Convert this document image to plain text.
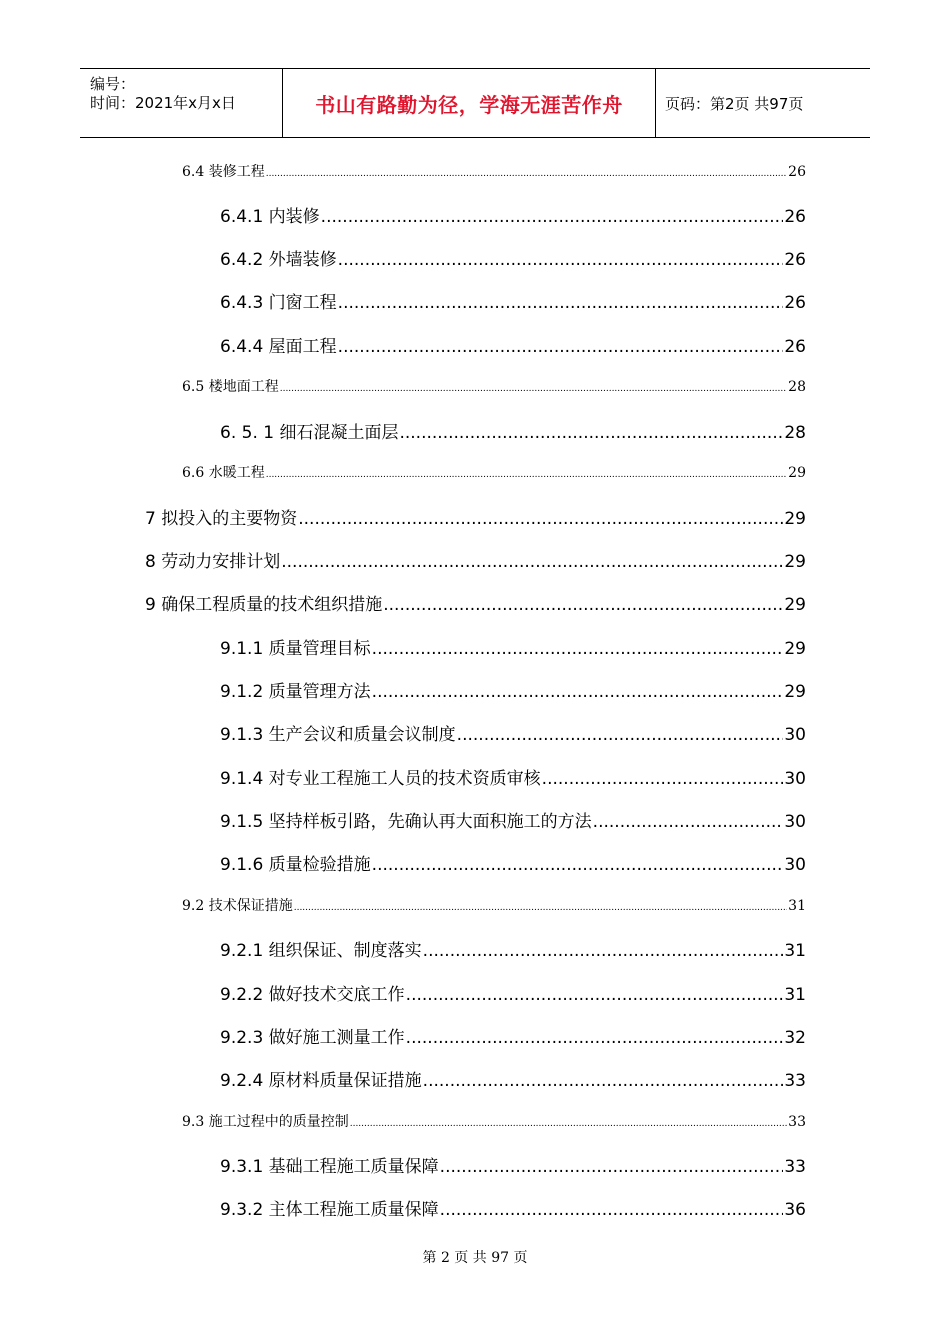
编号：
时间：2021年x月x日	书山有路勤为径，学海无涯苦作舟	页码：第2页 共97页
6.4 装修工程 .....	26
6.4.1 内装修 .....	26
6.4.2 外墙装修 .....	26
6.4.3 门窗工程 .....	26
6.4.4 屋面工程 .....	26
6.5 楼地面工程 .....	28
6. 5. 1 细石混凝土面层 .....	28
6.6 水暖工程 .....	29
7 拟投入的主要物资 .....	29
8 劳动力安排计划 .....	29
9 确保工程质量的技术组织措施 .....	29
9.1.1 质量管理目标 .....	29
9.1.2 质量管理方法 .....	29
9.1.3 生产会议和质量会议制度 .....	30
9.1.4 对专业工程施工人员的技术资质审核 .....	30
9.1.5 坚持样板引路，先确认再大面积施工的方法 .....	30
9.1.6 质量检验措施 .....	30
9.2 技术保证措施 .....	31
9.2.1 组织保证、制度落实 .....	31
9.2.2 做好技术交底工作 .....	31
9.2.3 做好施工测量工作 .....	32
9.2.4 原材料质量保证措施 .....	33
9.3 施工过程中的质量控制 .....	33
9.3.1 基础工程施工质量保障 .....	33
9.3.2 主体工程施工质量保障 .....	36
第 2 页 共 97 页
